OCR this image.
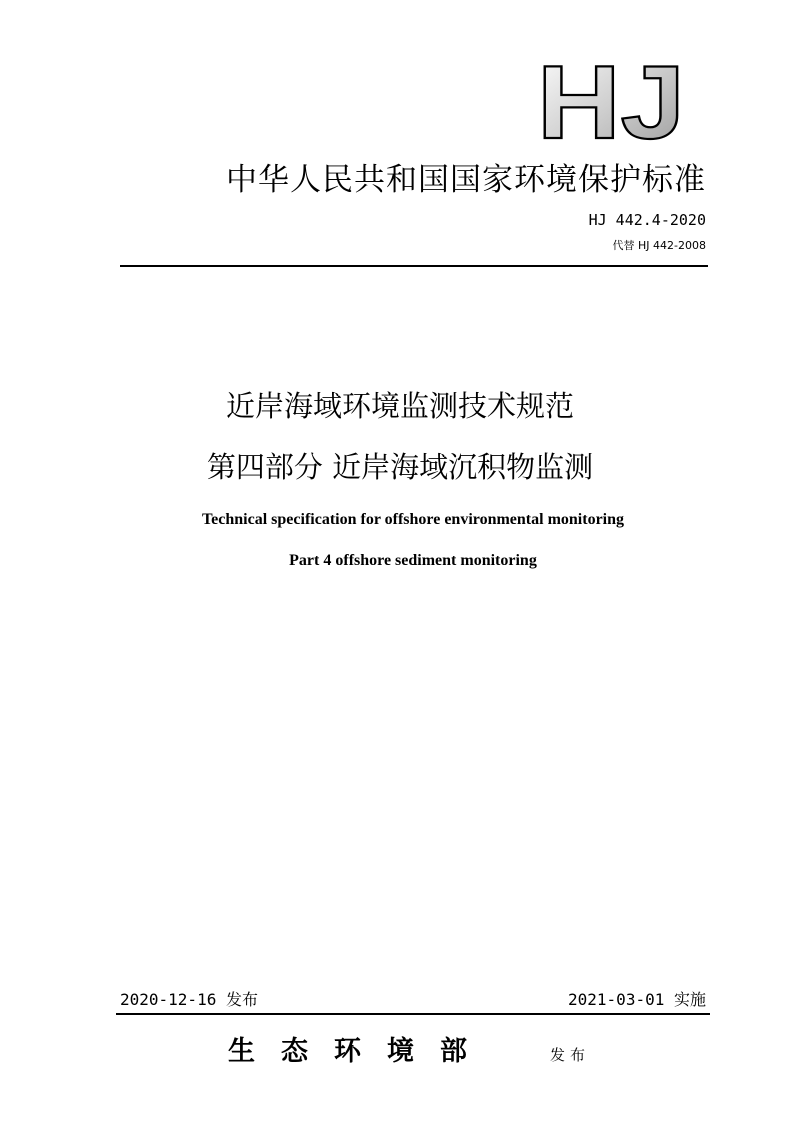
HJ
中华人民共和国国家环境保护标准
HJ 442.4-2020
代替 HJ 442-2008
近岸海域环境监测技术规范
第四部分 近岸海域沉积物监测
Technical specification for offshore environmental monitoring
Part 4 offshore sediment monitoring
2020-12-16 发布	2021-03-01 实施
生态环境部	发布
